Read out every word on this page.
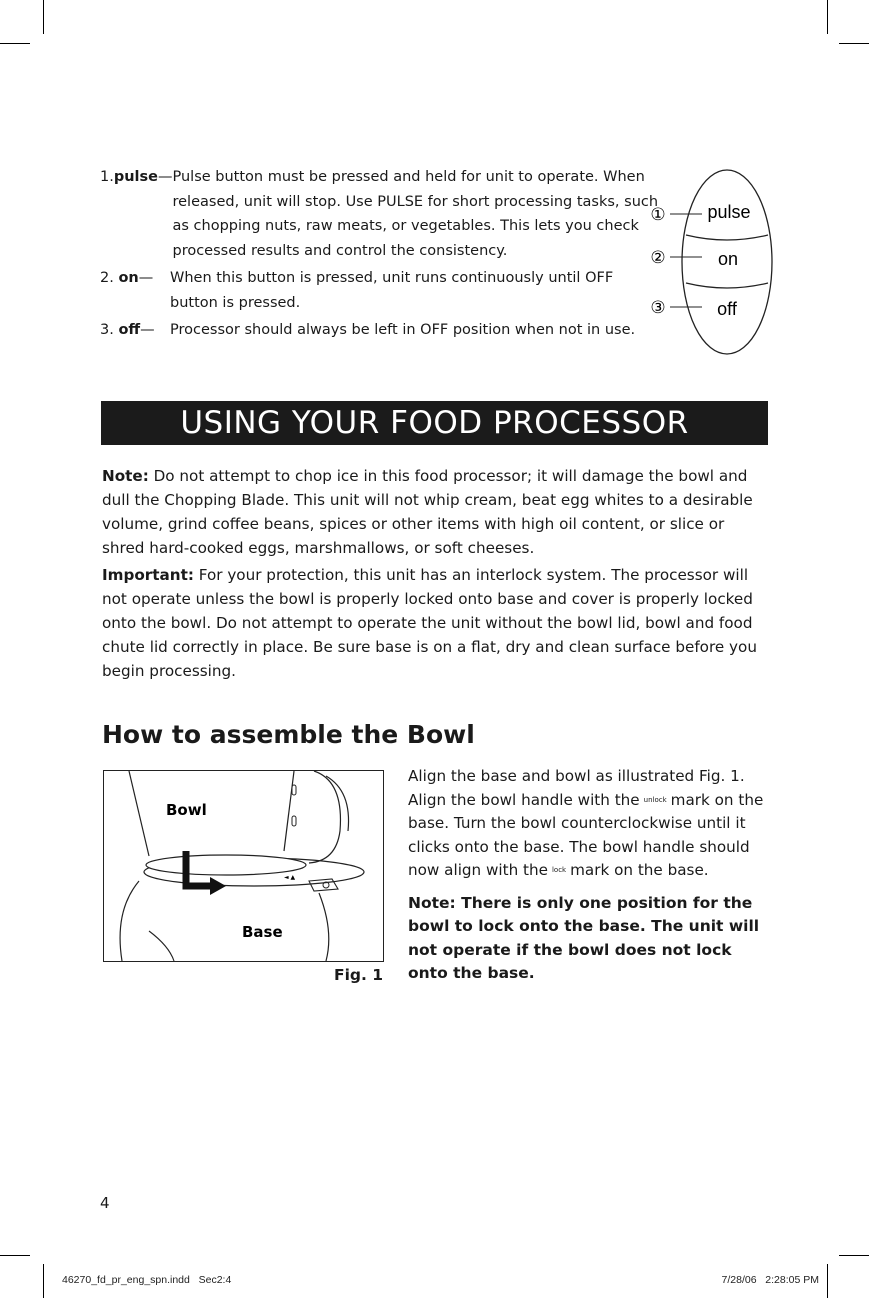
1.pulse— Pulse button must be pressed and held for unit to operate. When released, unit will stop. Use PULSE for short processing tasks, such as chopping nuts, raw meats, or vegetables. This lets you check processed results and control the consistency.
2. on—	When this button is pressed, unit runs continuously until OFF button is pressed.
3. off—	Processor should always be left in OFF position when not in use.
①
②
③
pulse
on
off
USING YOUR FOOD PROCESSOR
Note: Do not attempt to chop ice in this food processor; it will damage the bowl and dull the Chopping Blade. This unit will not whip cream, beat egg whites to a desirable volume, grind coffee beans, spices or other items with high oil content, or slice or shred hard-cooked eggs, marshmallows, or soft cheeses.
Important: For your protection, this unit has an interlock system. The processor will not operate unless the bowl is properly locked onto base and cover is properly locked onto the bowl. Do not attempt to operate the unit without the bowl lid, bowl and food chute lid correctly in place. Be sure base is on a flat, dry and clean surface before you begin processing.
How to assemble the Bowl
◄ ▲
Bowl
Base
Fig. 1
Align the base and bowl as illustrated Fig. 1.
Align the bowl handle with the unlock mark on the base. Turn the bowl counterclockwise until it clicks onto the base. The bowl handle should now align with the lock mark on the base.
Note: There is only one position for the bowl to lock onto the base. The unit will not operate if the bowl does not lock onto the base.
4
46270_fd_pr_eng_spn.indd   Sec2:4	7/28/06   2:28:05 PM
